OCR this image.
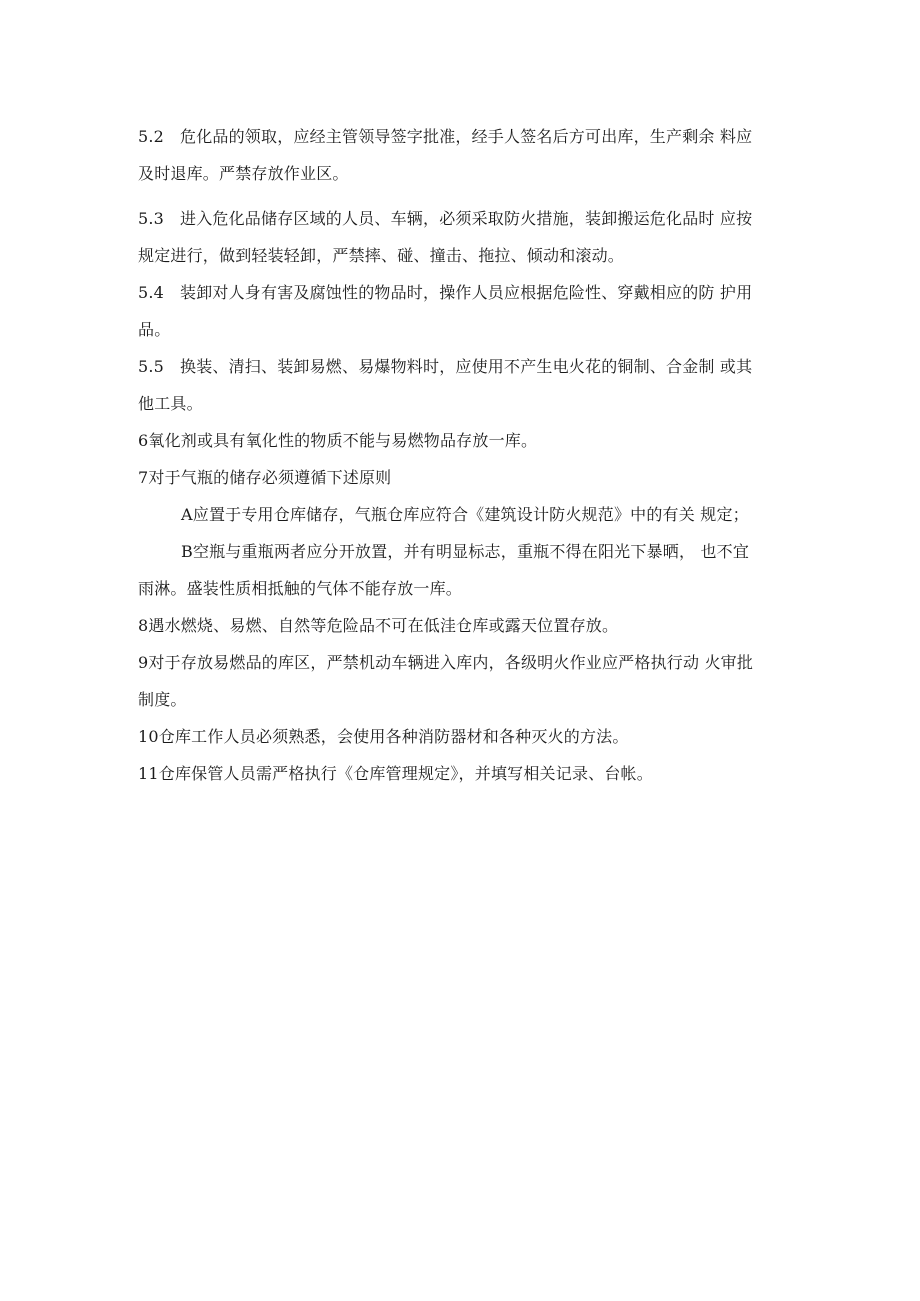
5.2 危化品的领取，应经主管领导签字批准，经手人签名后方可出库，生产剩余 料应
及时退库。严禁存放作业区。
5.3 进入危化品储存区域的人员、车辆，必须采取防火措施，装卸搬运危化品时 应按
规定进行，做到轻装轻卸，严禁摔、碰、撞击、拖拉、倾动和滚动。
5.4 装卸对人身有害及腐蚀性的物品时，操作人员应根据危险性、穿戴相应的防 护用
品。
5.5 换装、清扫、装卸易燃、易爆物料时，应使用不产生电火花的铜制、合金制 或其
他工具。
6氧化剂或具有氧化性的物质不能与易燃物品存放一库。
7对于气瓶的储存必须遵循下述原则
A应置于专用仓库储存，气瓶仓库应符合《建筑设计防火规范》中的有关 规定；
B空瓶与重瓶两者应分开放置，并有明显标志，重瓶不得在阳光下暴晒， 也不宜
雨淋。盛装性质相抵触的气体不能存放一库。
8遇水燃烧、易燃、自然等危险品不可在低洼仓库或露天位置存放。
9对于存放易燃品的库区，严禁机动车辆进入库内，各级明火作业应严格执行动 火审批
制度。
10仓库工作人员必须熟悉，会使用各种消防器材和各种灭火的方法。
11仓库保管人员需严格执行《仓库管理规定》，并填写相关记录、台帐。
